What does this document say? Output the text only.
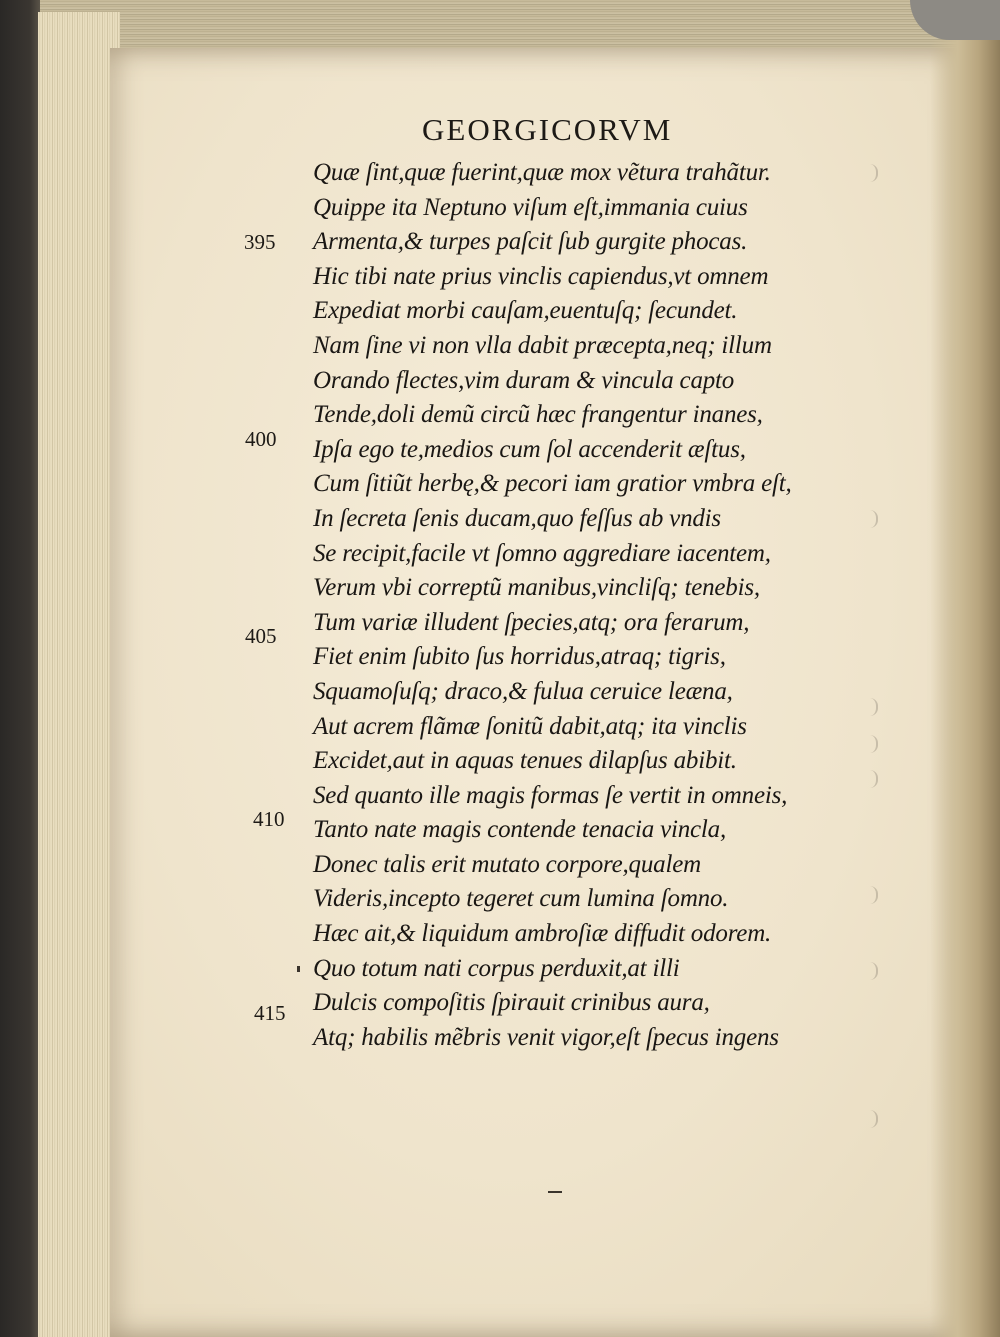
GEORGICORVM
395
400
405
410
415
Quæ ſint,quæ fuerint,quæ mox vẽtura trahãtur.
Quippe ita Neptuno viſum eſt,immania cuius
Armenta,& turpes paſcit ſub gurgite phocas.
Hic tibi nate prius vinclis capiendus,vt omnem
Expediat morbi cauſam,euentuſq; ſecundet.
Nam ſine vi non vlla dabit præcepta,neq; illum
Orando flectes,vim duram & vincula capto
Tende,doli demũ circũ hæc frangentur inanes,
Ipſa ego te,medios cum ſol accenderit æſtus,
Cum ſitiũt herbę,& pecori iam gratior vmbra eſt,
In ſecreta ſenis ducam,quo feſſus ab vndis
Se recipit,facile vt ſomno aggrediare iacentem,
Verum vbi correptũ manibus,vincliſq; tenebis,
Tum variæ illudent ſpecies,atq; ora ferarum,
Fiet enim ſubito ſus horridus,atraq; tigris,
Squamoſuſq; draco,& fulua ceruice leæna,
Aut acrem flãmæ ſonitũ dabit,atq; ita vinclis
Excidet,aut in aquas tenues dilapſus abibit.
Sed quanto ille magis formas ſe vertit in omneis,
Tanto nate magis contende tenacia vincla,
Donec talis erit mutato corpore,qualem
Videris,incepto tegeret cum lumina ſomno.
Hæc ait,& liquidum ambroſiæ diffudit odorem.
Quo totum nati corpus perduxit,at illi
Dulcis compoſitis ſpirauit crinibus aura,
Atq; habilis mẽbris venit vigor,eſt ſpecus ingens
